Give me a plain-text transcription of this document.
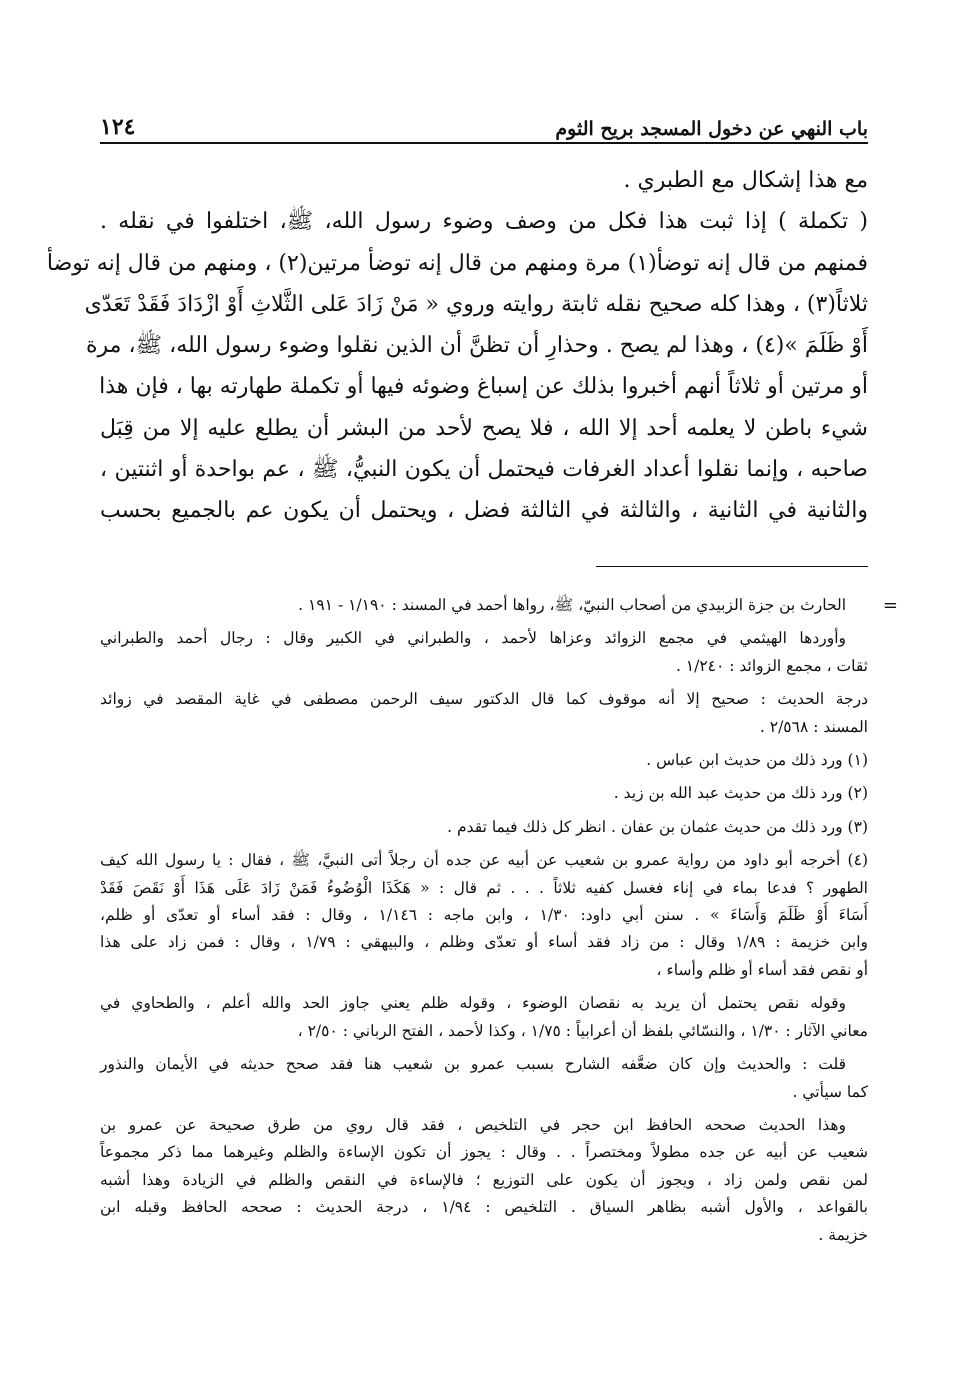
باب النهي عن دخول المسجد بريح الثوم
١٢٤
مع هذا إشكال مع الطبري .
( تكملة ) إذا ثبت هذا فكل من وصف وضوء رسول الله، ﷺ، اختلفوا في نقله .
فمنهم من قال إنه توضأ(١) مرة ومنهم من قال إنه توضأ مرتين(٢) ، ومنهم من قال إنه توضأ
ثلاثاً(٣) ، وهذا كله صحيح نقله ثابتة روايته وروي « مَنْ زَادَ عَلى الثَّلاثِ أَوْ ازْدَادَ فَقَدْ تَعَدّى
أَوْ ظَلَمَ »(٤) ، وهذا لم يصح . وحذارِ أن تظنَّ أن الذين نقلوا وضوء رسول الله، ﷺ، مرة
أو مرتين أو ثلاثاً أنهم أخبروا بذلك عن إسباغ وضوئه فيها أو تكملة طهارته بها ، فإن هذا
شيء باطن لا يعلمه أحد إلا الله ، فلا يصح لأحد من البشر أن يطلع عليه إلا من قِبَل
صاحبه ، وإنما نقلوا أعداد الغرفات فيحتمل أن يكون النبيُّ، ﷺ ، عم بواحدة أو اثنتين ،
والثانية في الثانية ، والثالثة في الثالثة فضل ، ويحتمل أن يكون عم بالجميع بحسب
=
الحارث بن جزة الزبيدي من أصحاب النبيّ، ﷺ، رواها أحمد في المسند : ١/١٩٠ - ١٩١ .
وأوردها الهيثمي في مجمع الزوائد وعزاها لأحمد ، والطبراني في الكبير وقال : رجال أحمد والطبراني
ثقات ، مجمع الزوائد : ١/٢٤٠ .
درجة الحديث : صحيح إلا أنه موقوف كما قال الدكتور سيف الرحمن مصطفى في غاية المقصد في زوائد
المسند : ٢/٥٦٨ .
(١) ورد ذلك من حديث ابن عباس .
(٢) ورد ذلك من حديث عبد الله بن زيد .
(٣) ورد ذلك من حديث عثمان بن عفان . انظر كل ذلك فيما تقدم .
(٤) أخرجه أبو داود من رواية عمرو بن شعيب عن أبيه عن جده أن رجلاً أتى النبيَّ، ﷺ ، فقال : يا رسول الله كيف
الطهور ؟ فدعا بماء في إناء فغسل كفيه ثلاثاً . . . ثم قال : « هَكَذَا الْوُضُوءُ فَمَنْ زَادَ عَلَى هَذَا أَوْ نَقَصَ فَقَدْ
أَسَاءَ أَوْ ظَلَمَ وَأَسَاءَ » . سنن أبي داود: ١/٣٠ ، وابن ماجه : ١/١٤٦ ، وقال : فقد أساء أو تعدّى أو ظلم،
وابن خزيمة : ١/٨٩ وقال : من زاد فقد أساء أو تعدّى وظلم ، والبيهقي : ١/٧٩ ، وقال : فمن زاد على هذا
أو نقص فقد أساء أو ظلم وأساء ،
وقوله نقص يحتمل أن يريد به نقصان الوضوء ، وقوله ظلم يعني جاوز الحد والله أعلم ، والطحاوي في
معاني الآثار : ١/٣٠ ، والنسّائي بلفظ أن أعرابياً : ١/٧٥ ، وكذا لأحمد ، الفتح الرباني : ٢/٥٠ ،
قلت : والحديث وإن كان ضعَّفه الشارح بسبب عمرو بن شعيب هنا فقد صحح حديثه في الأيمان والنذور
كما سيأتي .
وهذا الحديث صححه الحافظ ابن حجر في التلخيص ، فقد قال روي من طرق صحيحة عن عمرو بن
شعيب عن أبيه عن جده مطولاً ومختصراً . . وقال : يجوز أن تكون الإساءة والظلم وغيرهما مما ذكر مجموعاً
لمن نقص ولمن زاد ، ويجوز أن يكون على التوزيع ؛ فالإساءة في النقص والظلم في الزيادة وهذا أشبه
بالقواعد ، والأول أشبه بظاهر السياق . التلخيص : ١/٩٤ ، درجة الحديث : صححه الحافظ وقبله ابن
خزيمة .
